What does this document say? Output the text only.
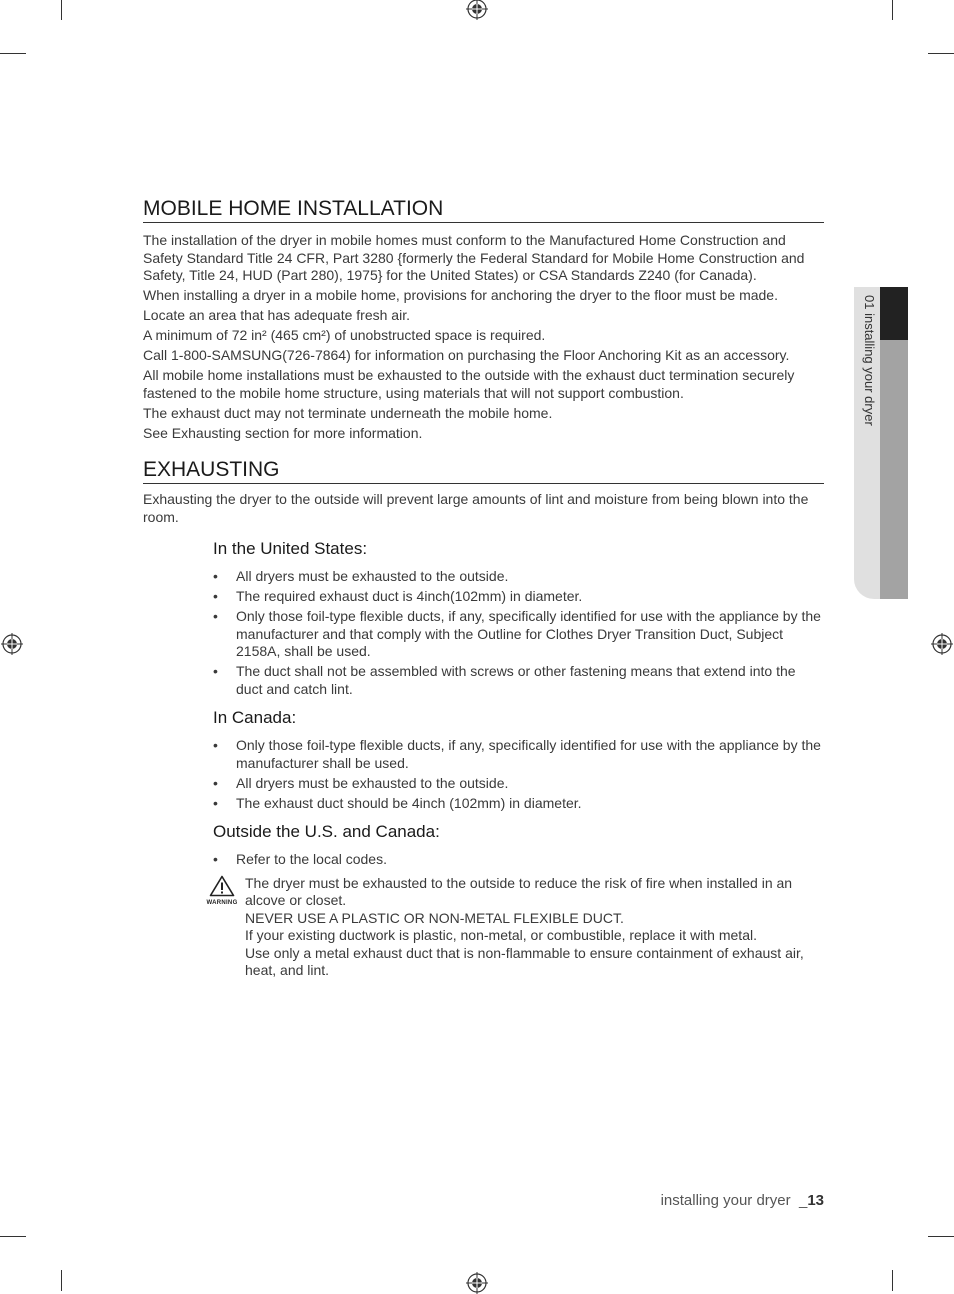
01 installing your dryer
MOBILE HOME INSTALLATION

The installation of the dryer in mobile homes must conform to the Manufactured Home Construction and Safety Standard Title 24 CFR, Part 3280 {formerly the Federal Standard for Mobile Home Construction and Safety, Title 24, HUD (Part 280), 1975} for the United States) or CSA Standards Z240 (for Canada).

When installing a dryer in a mobile home, provisions for anchoring the dryer to the floor must be made.

Locate an area that has adequate fresh air.

A minimum of 72 in² (465 cm²) of unobstructed space is required.

Call 1-800-SAMSUNG(726-7864) for information on purchasing the Floor Anchoring Kit as an accessory.

All mobile home installations must be exhausted to the outside with the exhaust duct termination securely fastened to the mobile home structure, using materials that will not support combustion.

The exhaust duct may not terminate underneath the mobile home.

See Exhausting section for more information.

EXHAUSTING

Exhausting the dryer to the outside will prevent large amounts of lint and moisture from being blown into the room.

In the United States:
• All dryers must be exhausted to the outside.
• The required exhaust duct is 4inch(102mm) in diameter.
• Only those foil-type flexible ducts, if any, specifically identified for use with the appliance by the manufacturer and that comply with the Outline for Clothes Dryer Transition Duct, Subject 2158A, shall be used.
• The duct shall not be assembled with screws or other fastening means that extend into the duct and catch lint.
In Canada:
• Only those foil-type flexible ducts, if any, specifically identified for use with the appliance by the manufacturer shall be used.
• All dryers must be exhausted to the outside.
• The exhaust duct should be 4inch (102mm) in diameter.
Outside the U.S. and Canada:
• Refer to the local codes.
WARNING

The dryer must be exhausted to the outside to reduce the risk of fire when installed in an alcove or closet.

NEVER USE A PLASTIC OR NON-METAL FLEXIBLE DUCT.

If your existing ductwork is plastic, non-metal, or combustible, replace it with metal.

Use only a metal exhaust duct that is non-flammable to ensure containment of exhaust air, heat, and lint.

installing your dryer  _13
